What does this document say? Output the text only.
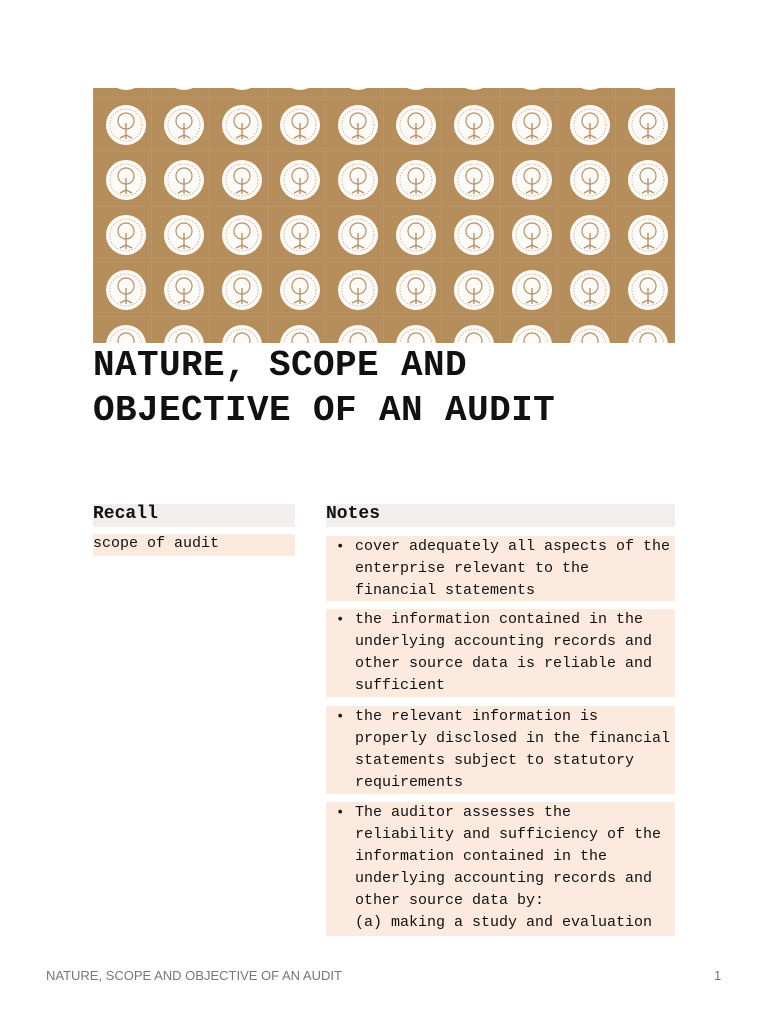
NATURE, SCOPE AND
OBJECTIVE OF AN AUDIT
Recall	Notes
scope of audit	• cover adequately all aspects of the enterprise relevant to the financial statements
• the information contained in the underlying accounting records and other source data is reliable and sufficient
• the relevant information is properly disclosed in the financial statements subject to statutory requirements
• The auditor assesses the reliability and sufficiency of the information contained in the underlying accounting records and other source data by:
(a) making a study and evaluation
NATURE, SCOPE AND OBJECTIVE OF AN AUDIT	1
